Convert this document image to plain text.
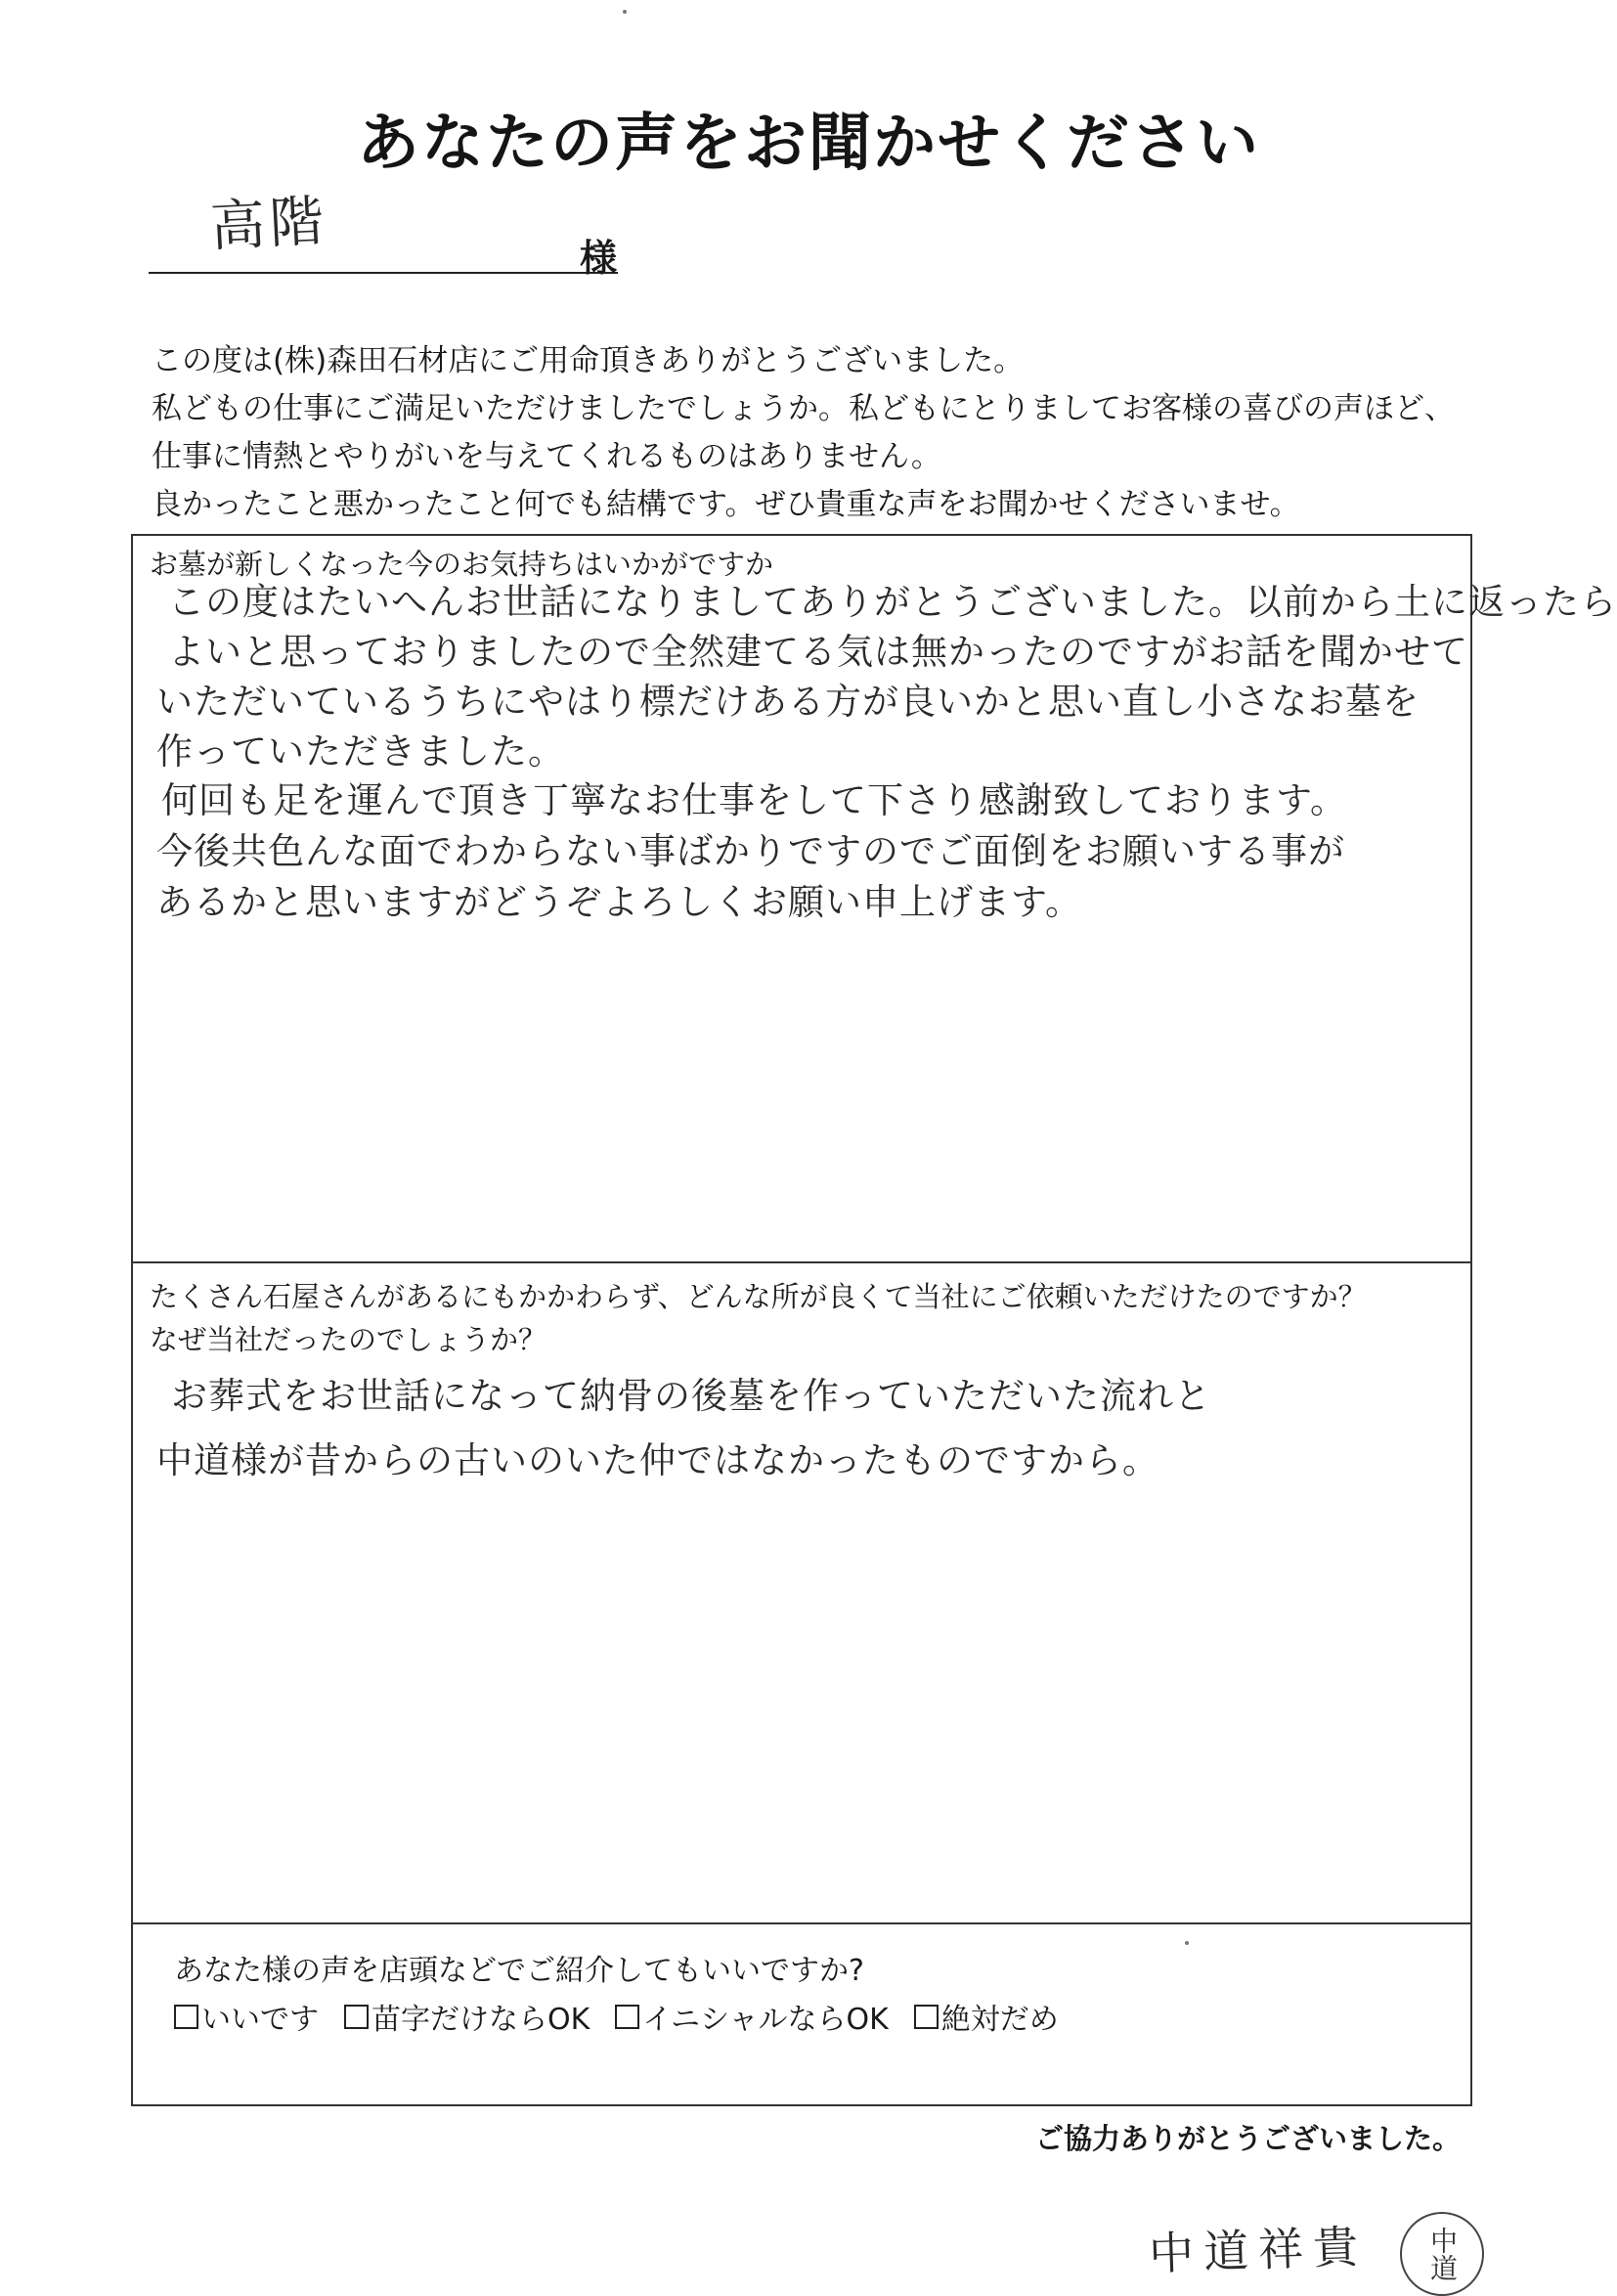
あなたの声をお聞かせください
高階	様

この度は(株)森田石材店にご用命頂きありがとうございました。

私どもの仕事にご満足いただけましたでしょうか。私どもにとりましてお客様の喜びの声ほど、

仕事に情熱とやりがいを与えてくれるものはありません。

良かったこと悪かったこと何でも結構です。ぜひ貴重な声をお聞かせくださいませ。

お墓が新しくなった今のお気持ちはいかがですか
この度はたいへんお世話になりましてありがとうございました。以前から土に返ったら
よいと思っておりましたので全然建てる気は無かったのですがお話を聞かせて
いただいているうちにやはり標だけある方が良いかと思い直し小さなお墓を
作っていただきました。
何回も足を運んで頂き丁寧なお仕事をして下さり感謝致しております。
今後共色んな面でわからない事ばかりですのでご面倒をお願いする事が
あるかと思いますがどうぞよろしくお願い申上げます。
たくさん石屋さんがあるにもかかわらず、どんな所が良くて当社にご依頼いただけたのですか？
なぜ当社だったのでしょうか？
お葬式をお世話になって納骨の後墓を作っていただいた流れと
中道様が昔からの古いのいた仲ではなかったものですから。
あなた様の声を店頭などでご紹介してもいいですか?
いいです 苗字だけならOK イニシャルならOK 絶対だめ
ご協力ありがとうございました。
中道祥貴	中道
